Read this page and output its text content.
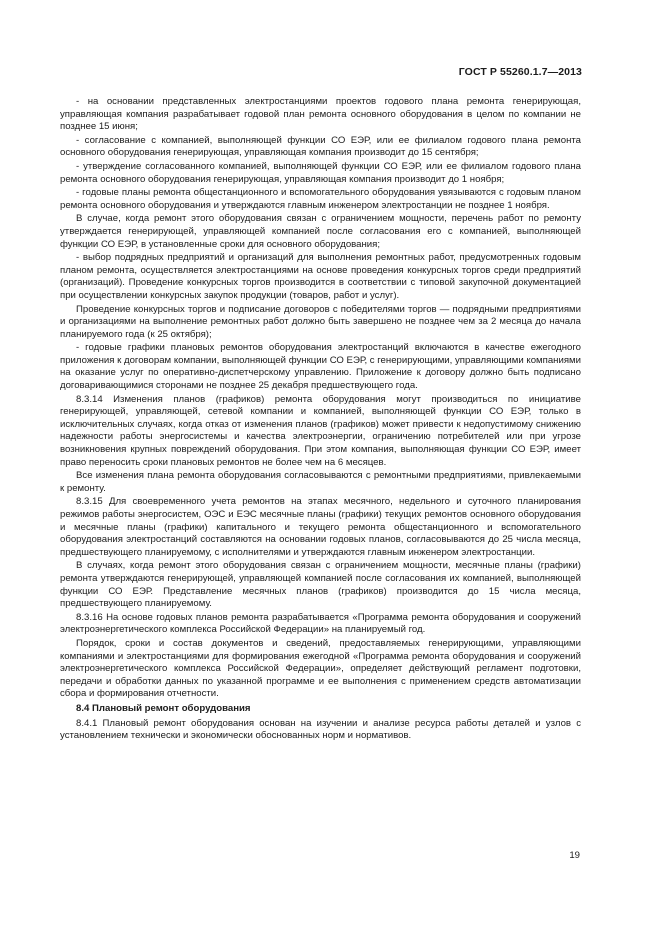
ГОСТ Р 55260.1.7—2013

- на основании представленных электростанциями проектов годового плана ремонта генерирующая, управляющая компания разрабатывает годовой план ремонта основного оборудования в целом по компании не позднее 15 июня;

- согласование с компанией, выполняющей функции СО ЕЭР, или ее филиалом годового плана ремонта основного оборудования генерирующая, управляющая компания производит до 15 сентября;

- утверждение согласованного компанией, выполняющей функции СО ЕЭР, или ее филиалом годового плана ремонта основного оборудования генерирующая, управляющая компания производит до 1 ноября;

- годовые планы ремонта общестанционного и вспомогательного оборудования увязываются с годовым планом ремонта основного оборудования и утверждаются главным инженером электростанции не позднее 1 ноября.

В случае, когда ремонт этого оборудования связан с ограничением мощности, перечень работ по ремонту утверждается генерирующей, управляющей компанией после согласования его с компанией, выполняющей функции СО ЕЭР, в установленные сроки для основного оборудования;

- выбор подрядных предприятий и организаций для выполнения ремонтных работ, предусмотренных годовым планом ремонта, осуществляется электростанциями на основе проведения конкурсных торгов среди предприятий (организаций). Проведение конкурсных торгов производится в соответствии с типовой закупочной документацией при осуществлении конкурсных закупок продукции (товаров, работ и услуг).

Проведение конкурсных торгов и подписание договоров с победителями торгов — подрядными предприятиями и организациями на выполнение ремонтных работ должно быть завершено не позднее чем за 2 месяца до начала планируемого года (к 25 октября);

- годовые графики плановых ремонтов оборудования электростанций включаются в качестве ежегодного приложения к договорам компании, выполняющей функции СО ЕЭР, с генерирующими, управляющими компаниями на оказание услуг по оперативно-диспетчерскому управлению. Приложение к договору должно быть подписано договаривающимися сторонами не позднее 25 декабря предшествующего года.

8.3.14 Изменения планов (графиков) ремонта оборудования могут производиться по инициативе генерирующей, управляющей, сетевой компании и компанией, выполняющей функции СО ЕЭР, только в исключительных случаях, когда отказ от изменения планов (графиков) может привести к недопустимому снижению надежности работы энергосистемы и качества электроэнергии, ограничению потребителей или при угрозе возникновения крупных повреждений оборудования. При этом компания, выполняющая функции СО ЕЭР, имеет право переносить сроки плановых ремонтов не более чем на 6 месяцев.

Все изменения плана ремонта оборудования согласовываются с ремонтными предприятиями, привлекаемыми к ремонту.

8.3.15 Для своевременного учета ремонтов на этапах месячного, недельного и суточного планирования режимов работы энергосистем, ОЭС и ЕЭС месячные планы (графики) текущих ремонтов основного оборудования и месячные планы (графики) капитального и текущего ремонта общестанционного и вспомогательного оборудования электростанций составляются на основании годовых планов, согласовываются до 25 числа месяца, предшествующего планируемому, с исполнителями и утверждаются главным инженером электростанции.

В случаях, когда ремонт этого оборудования связан с ограничением мощности, месячные планы (графики) ремонта утверждаются генерирующей, управляющей компанией после согласования их компанией, выполняющей функции СО ЕЭР. Представление месячных планов (графиков) производится до 15 числа месяца, предшествующего планируемому.

8.3.16 На основе годовых планов ремонта разрабатывается «Программа ремонта оборудования и сооружений электроэнергетического комплекса Российской Федерации» на планируемый год.

Порядок, сроки и состав документов и сведений, предоставляемых генерирующими, управляющими компаниями и электростанциями для формирования ежегодной «Программа ремонта оборудования и сооружений электроэнергетического комплекса Российской Федерации», определяет действующий регламент подготовки, передачи и обработки данных по указанной программе и ее выполнения с применением средств автоматизации сбора и формирования отчетности.

8.4 Плановый ремонт оборудования

8.4.1 Плановый ремонт оборудования основан на изучении и анализе ресурса работы деталей и узлов с установлением технически и экономически обоснованных норм и нормативов.

19
